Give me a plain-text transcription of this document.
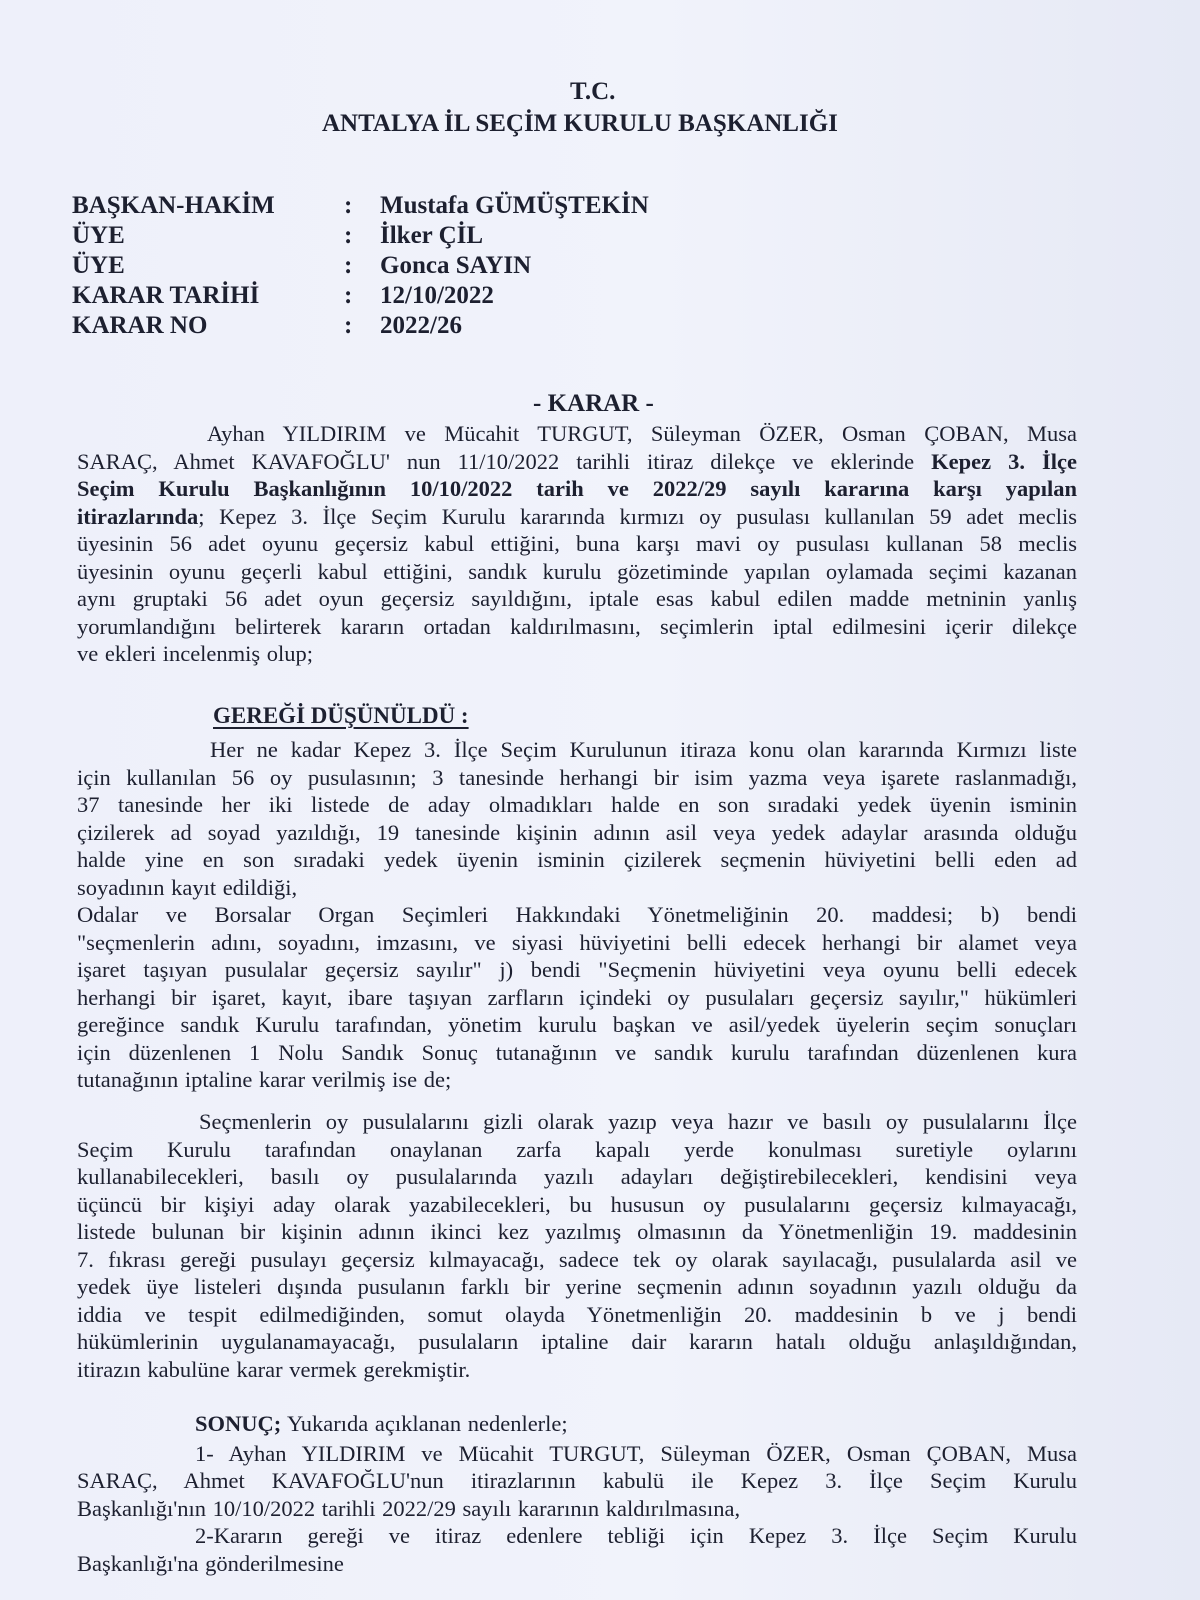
T.C.
ANTALYA İL SEÇİM KURULU BAŞKANLIĞI
BAŞKAN-HAKİM	: Mustafa GÜMÜŞTEKİN
ÜYE	: İlker ÇİL
ÜYE	: Gonca SAYIN
KARAR TARİHİ	: 12/10/2022
KARAR NO	: 2022/26
- KARAR -
Ayhan YILDIRIM ve Mücahit TURGUT, Süleyman ÖZER, Osman ÇOBAN, Musa
SARAÇ, Ahmet KAVAFOĞLU' nun 11/10/2022 tarihli itiraz dilekçe ve eklerinde Kepez 3. İlçe
Seçim Kurulu Başkanlığının 10/10/2022 tarih ve 2022/29 sayılı kararına karşı yapılan
itirazlarında; Kepez 3. İlçe Seçim Kurulu kararında kırmızı oy pusulası kullanılan 59 adet meclis
üyesinin 56 adet oyunu geçersiz kabul ettiğini, buna karşı mavi oy pusulası kullanan 58 meclis
üyesinin oyunu geçerli kabul ettiğini, sandık kurulu gözetiminde yapılan oylamada seçimi kazanan
aynı gruptaki 56 adet oyun geçersiz sayıldığını, iptale esas kabul edilen madde metninin yanlış
yorumlandığını belirterek kararın ortadan kaldırılmasını, seçimlerin iptal edilmesini içerir dilekçe
ve ekleri incelenmiş olup;
GEREĞİ DÜŞÜNÜLDÜ :
Her ne kadar Kepez 3. İlçe Seçim Kurulunun itiraza konu olan kararında Kırmızı liste
için kullanılan 56 oy pusulasının; 3 tanesinde herhangi bir isim yazma veya işarete raslanmadığı,
37 tanesinde her iki listede de aday olmadıkları halde en son sıradaki yedek üyenin isminin
çizilerek ad soyad yazıldığı, 19 tanesinde kişinin adının asil veya yedek adaylar arasında olduğu
halde yine en son sıradaki yedek üyenin isminin çizilerek seçmenin hüviyetini belli eden ad
soyadının kayıt edildiği,
Odalar ve Borsalar Organ Seçimleri Hakkındaki Yönetmeliğinin 20. maddesi; b) bendi
"seçmenlerin adını, soyadını, imzasını, ve siyasi hüviyetini belli edecek herhangi bir alamet veya
işaret taşıyan pusulalar geçersiz sayılır" j) bendi "Seçmenin hüviyetini veya oyunu belli edecek
herhangi bir işaret, kayıt, ibare taşıyan zarfların içindeki oy pusulaları geçersiz sayılır," hükümleri
gereğince sandık Kurulu tarafından, yönetim kurulu başkan ve asil/yedek üyelerin seçim sonuçları
için düzenlenen 1 Nolu Sandık Sonuç tutanağının ve sandık kurulu tarafından düzenlenen kura
tutanağının iptaline karar verilmiş ise de;
Seçmenlerin oy pusulalarını gizli olarak yazıp veya hazır ve basılı oy pusulalarını İlçe
Seçim Kurulu tarafından onaylanan zarfa kapalı yerde konulması suretiyle oylarını
kullanabilecekleri, basılı oy pusulalarında yazılı adayları değiştirebilecekleri, kendisini veya
üçüncü bir kişiyi aday olarak yazabilecekleri, bu hususun oy pusulalarını geçersiz kılmayacağı,
listede bulunan bir kişinin adının ikinci kez yazılmış olmasının da Yönetmenliğin 19. maddesinin
7. fıkrası gereği pusulayı geçersiz kılmayacağı, sadece tek oy olarak sayılacağı, pusulalarda asil ve
yedek üye listeleri dışında pusulanın farklı bir yerine seçmenin adının soyadının yazılı olduğu da
iddia ve tespit edilmediğinden, somut olayda Yönetmenliğin 20. maddesinin b ve j bendi
hükümlerinin uygulanamayacağı, pusulaların iptaline dair kararın hatalı olduğu anlaşıldığından,
itirazın kabulüne karar vermek gerekmiştir.
SONUÇ; Yukarıda açıklanan nedenlerle;
1- Ayhan YILDIRIM ve Mücahit TURGUT, Süleyman ÖZER, Osman ÇOBAN, Musa
SARAÇ, Ahmet KAVAFOĞLU'nun itirazlarının kabulü ile Kepez 3. İlçe Seçim Kurulu
Başkanlığı'nın 10/10/2022 tarihli 2022/29 sayılı kararının kaldırılmasına,
2-Kararın gereği ve itiraz edenlere tebliği için Kepez 3. İlçe Seçim Kurulu
Başkanlığı'na gönderilmesine
